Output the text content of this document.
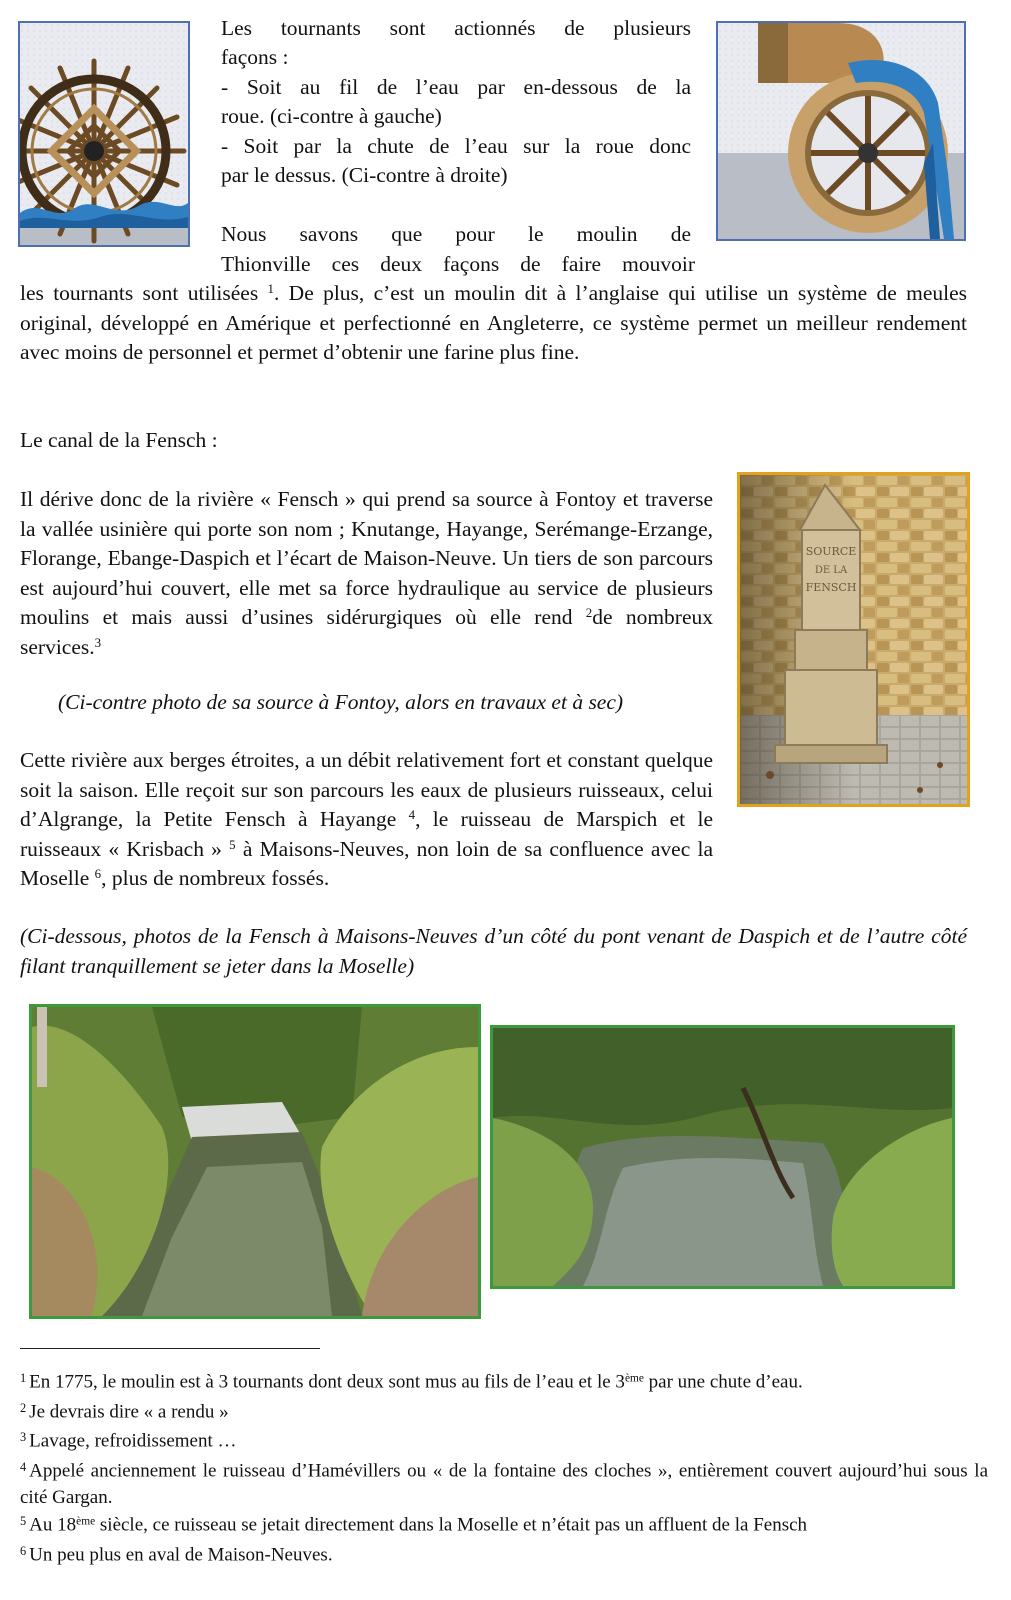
Les tournants sont actionnés de plusieurs
façons :
- Soit au fil de l’eau par en-dessous de la
roue. (ci-contre à gauche)
- Soit par la chute de l’eau sur la roue donc
par le dessus. (Ci-contre à droite)
Nous savons que pour le moulin de
Thionville ces deux façons de faire mouvoir
les tournants sont utilisées $^1$. De plus, c’est un moulin dit à l’anglaise qui utilise un système de meules original, développé en Amérique et perfectionné en Angleterre, ce système permet un meilleur rendement avec moins de personnel et permet d’obtenir une farine plus fine.
Le canal de la Fensch :
SOURCE
DE LA
FENSCH
Il dérive donc de la rivière « Fensch » qui prend sa source à Fontoy et traverse la vallée usinière qui porte son nom ; Knutange, Hayange, Serémange-Erzange, Florange, Ebange-Daspich et l’écart de Maison-Neuve. Un tiers de son parcours est aujourd’hui couvert, elle met sa force hydraulique au service de plusieurs moulins et mais aussi d’usines sidérurgiques où elle rend $^2$de nombreux services.$^3$
(Ci-contre photo de sa source à Fontoy, alors en travaux et à sec)
Cette rivière aux berges étroites, a un débit relativement fort et constant quelque soit la saison. Elle reçoit sur son parcours les eaux de plusieurs ruisseaux, celui d’Algrange, la Petite Fensch à Hayange $^4$, le ruisseau de Marspich et le ruisseaux « Krisbach » $^5$ à Maisons-Neuves, non loin de sa confluence avec la Moselle $^6$, plus de nombreux fossés.
(Ci-dessous, photos de la Fensch à Maisons-Neuves d’un côté du pont venant de Daspich et de l’autre côté filant tranquillement se jeter dans la Moselle)
$^1$ En 1775, le moulin est à 3 tournants dont deux sont mus au fils de l’eau et le 3ème par une chute d’eau.
$^2$ Je devrais dire « a rendu »
$^3$ Lavage, refroidissement …
$^4$ Appelé anciennement le ruisseau d’Hamévillers ou « de la fontaine des cloches », entièrement couvert aujourd’hui sous la cité Gargan.
$^5$ Au 18ème siècle, ce ruisseau se jetait directement dans la Moselle et n’était pas un affluent de la Fensch
$^6$ Un peu plus en aval de Maison-Neuves.
